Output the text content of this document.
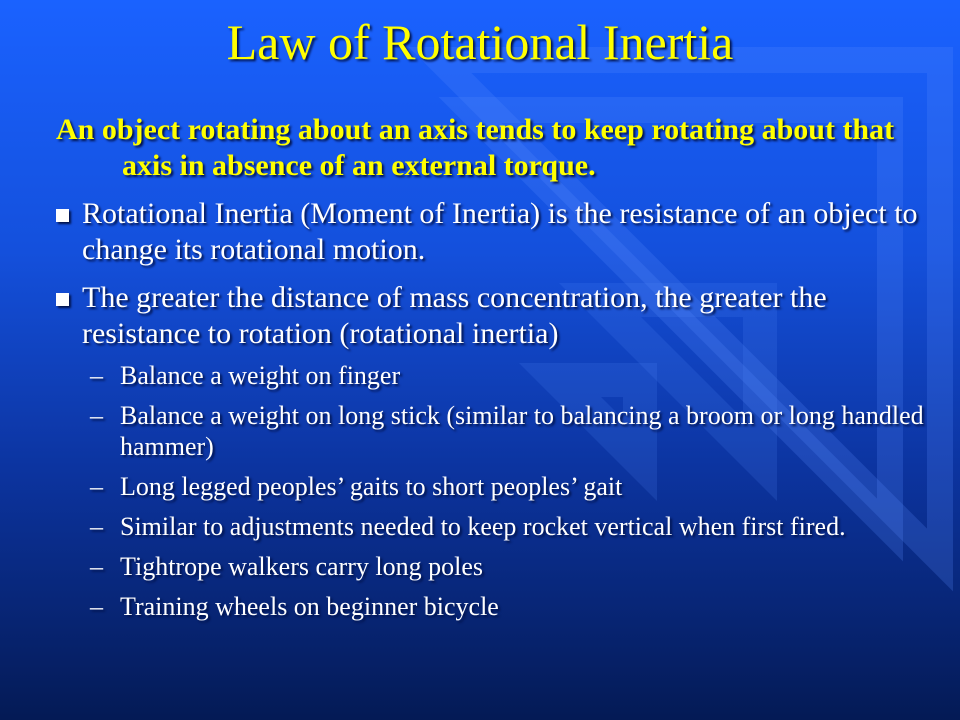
Law of Rotational Inertia

An object rotating about an axis tends to keep rotating about that axis in absence of an external torque.

Rotational Inertia (Moment of Inertia) is the resistance of an object to change its rotational motion.
The greater the distance of mass concentration, the greater the resistance to rotation (rotational inertia)
– Balance a weight on finger
– Balance a weight on long stick (similar to balancing a broom or long handled hammer)
– Long legged peoples’ gaits to short peoples’ gait
– Similar to adjustments needed to keep rocket vertical when first fired.
– Tightrope walkers carry long poles
– Training wheels on beginner bicycle
